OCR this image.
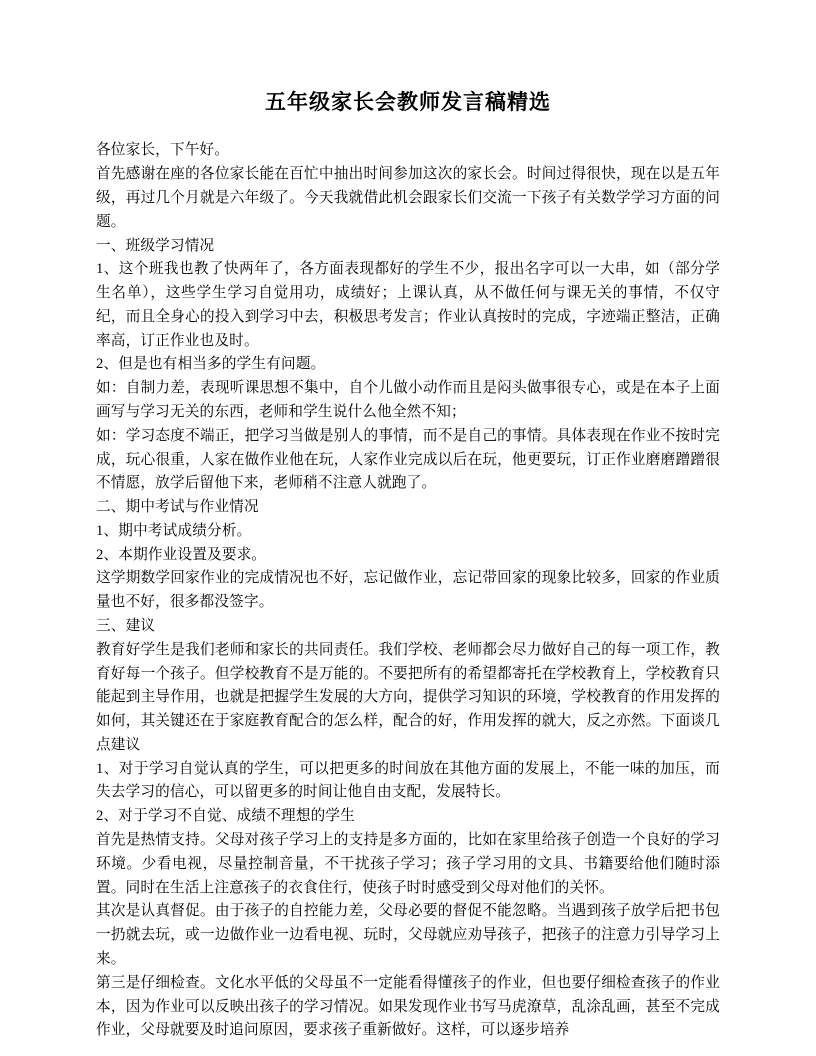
五年级家长会教师发言稿精选

各位家长，下午好。

首先感谢在座的各位家长能在百忙中抽出时间参加这次的家长会。时间过得很快，现在以是五年级，再过几个月就是六年级了。今天我就借此机会跟家长们交流一下孩子有关数学学习方面的问题。

一、班级学习情况

1、这个班我也教了快两年了，各方面表现都好的学生不少，报出名字可以一大串，如（部分学生名单），这些学生学习自觉用功，成绩好；上课认真，从不做任何与课无关的事情，不仅守纪，而且全身心的投入到学习中去，积极思考发言；作业认真按时的完成，字迹端正整洁，正确率高，订正作业也及时。

2、但是也有相当多的学生有问题。

如：自制力差，表现听课思想不集中，自个儿做小动作而且是闷头做事很专心，或是在本子上面画写与学习无关的东西，老师和学生说什么他全然不知；

如：学习态度不端正，把学习当做是别人的事情，而不是自己的事情。具体表现在作业不按时完成，玩心很重，人家在做作业他在玩，人家作业完成以后在玩，他更要玩，订正作业磨磨蹭蹭很不情愿，放学后留他下来，老师稍不注意人就跑了。

二、期中考试与作业情况

1、期中考试成绩分析。

2、本期作业设置及要求。

这学期数学回家作业的完成情况也不好，忘记做作业，忘记带回家的现象比较多，回家的作业质量也不好，很多都没签字。

三、建议

教育好学生是我们老师和家长的共同责任。我们学校、老师都会尽力做好自己的每一项工作，教育好每一个孩子。但学校教育不是万能的。不要把所有的希望都寄托在学校教育上，学校教育只能起到主导作用，也就是把握学生发展的大方向，提供学习知识的环境，学校教育的作用发挥的如何，其关键还在于家庭教育配合的怎么样，配合的好，作用发挥的就大，反之亦然。下面谈几点建议

1、对于学习自觉认真的学生，可以把更多的时间放在其他方面的发展上，不能一味的加压，而失去学习的信心，可以留更多的时间让他自由支配，发展特长。

2、对于学习不自觉、成绩不理想的学生

首先是热情支持。父母对孩子学习上的支持是多方面的，比如在家里给孩子创造一个良好的学习环境。少看电视，尽量控制音量，不干扰孩子学习；孩子学习用的文具、书籍要给他们随时添置。同时在生活上注意孩子的衣食住行，使孩子时时感受到父母对他们的关怀。

其次是认真督促。由于孩子的自控能力差，父母必要的督促不能忽略。当遇到孩子放学后把书包一扔就去玩，或一边做作业一边看电视、玩时，父母就应劝导孩子，把孩子的注意力引导学习上来。

第三是仔细检查。文化水平低的父母虽不一定能看得懂孩子的作业，但也要仔细检查孩子的作业本，因为作业可以反映出孩子的学习情况。如果发现作业书写马虎潦草，乱涂乱画，甚至不完成作业，父母就要及时追问原因，要求孩子重新做好。这样，可以逐步培养
